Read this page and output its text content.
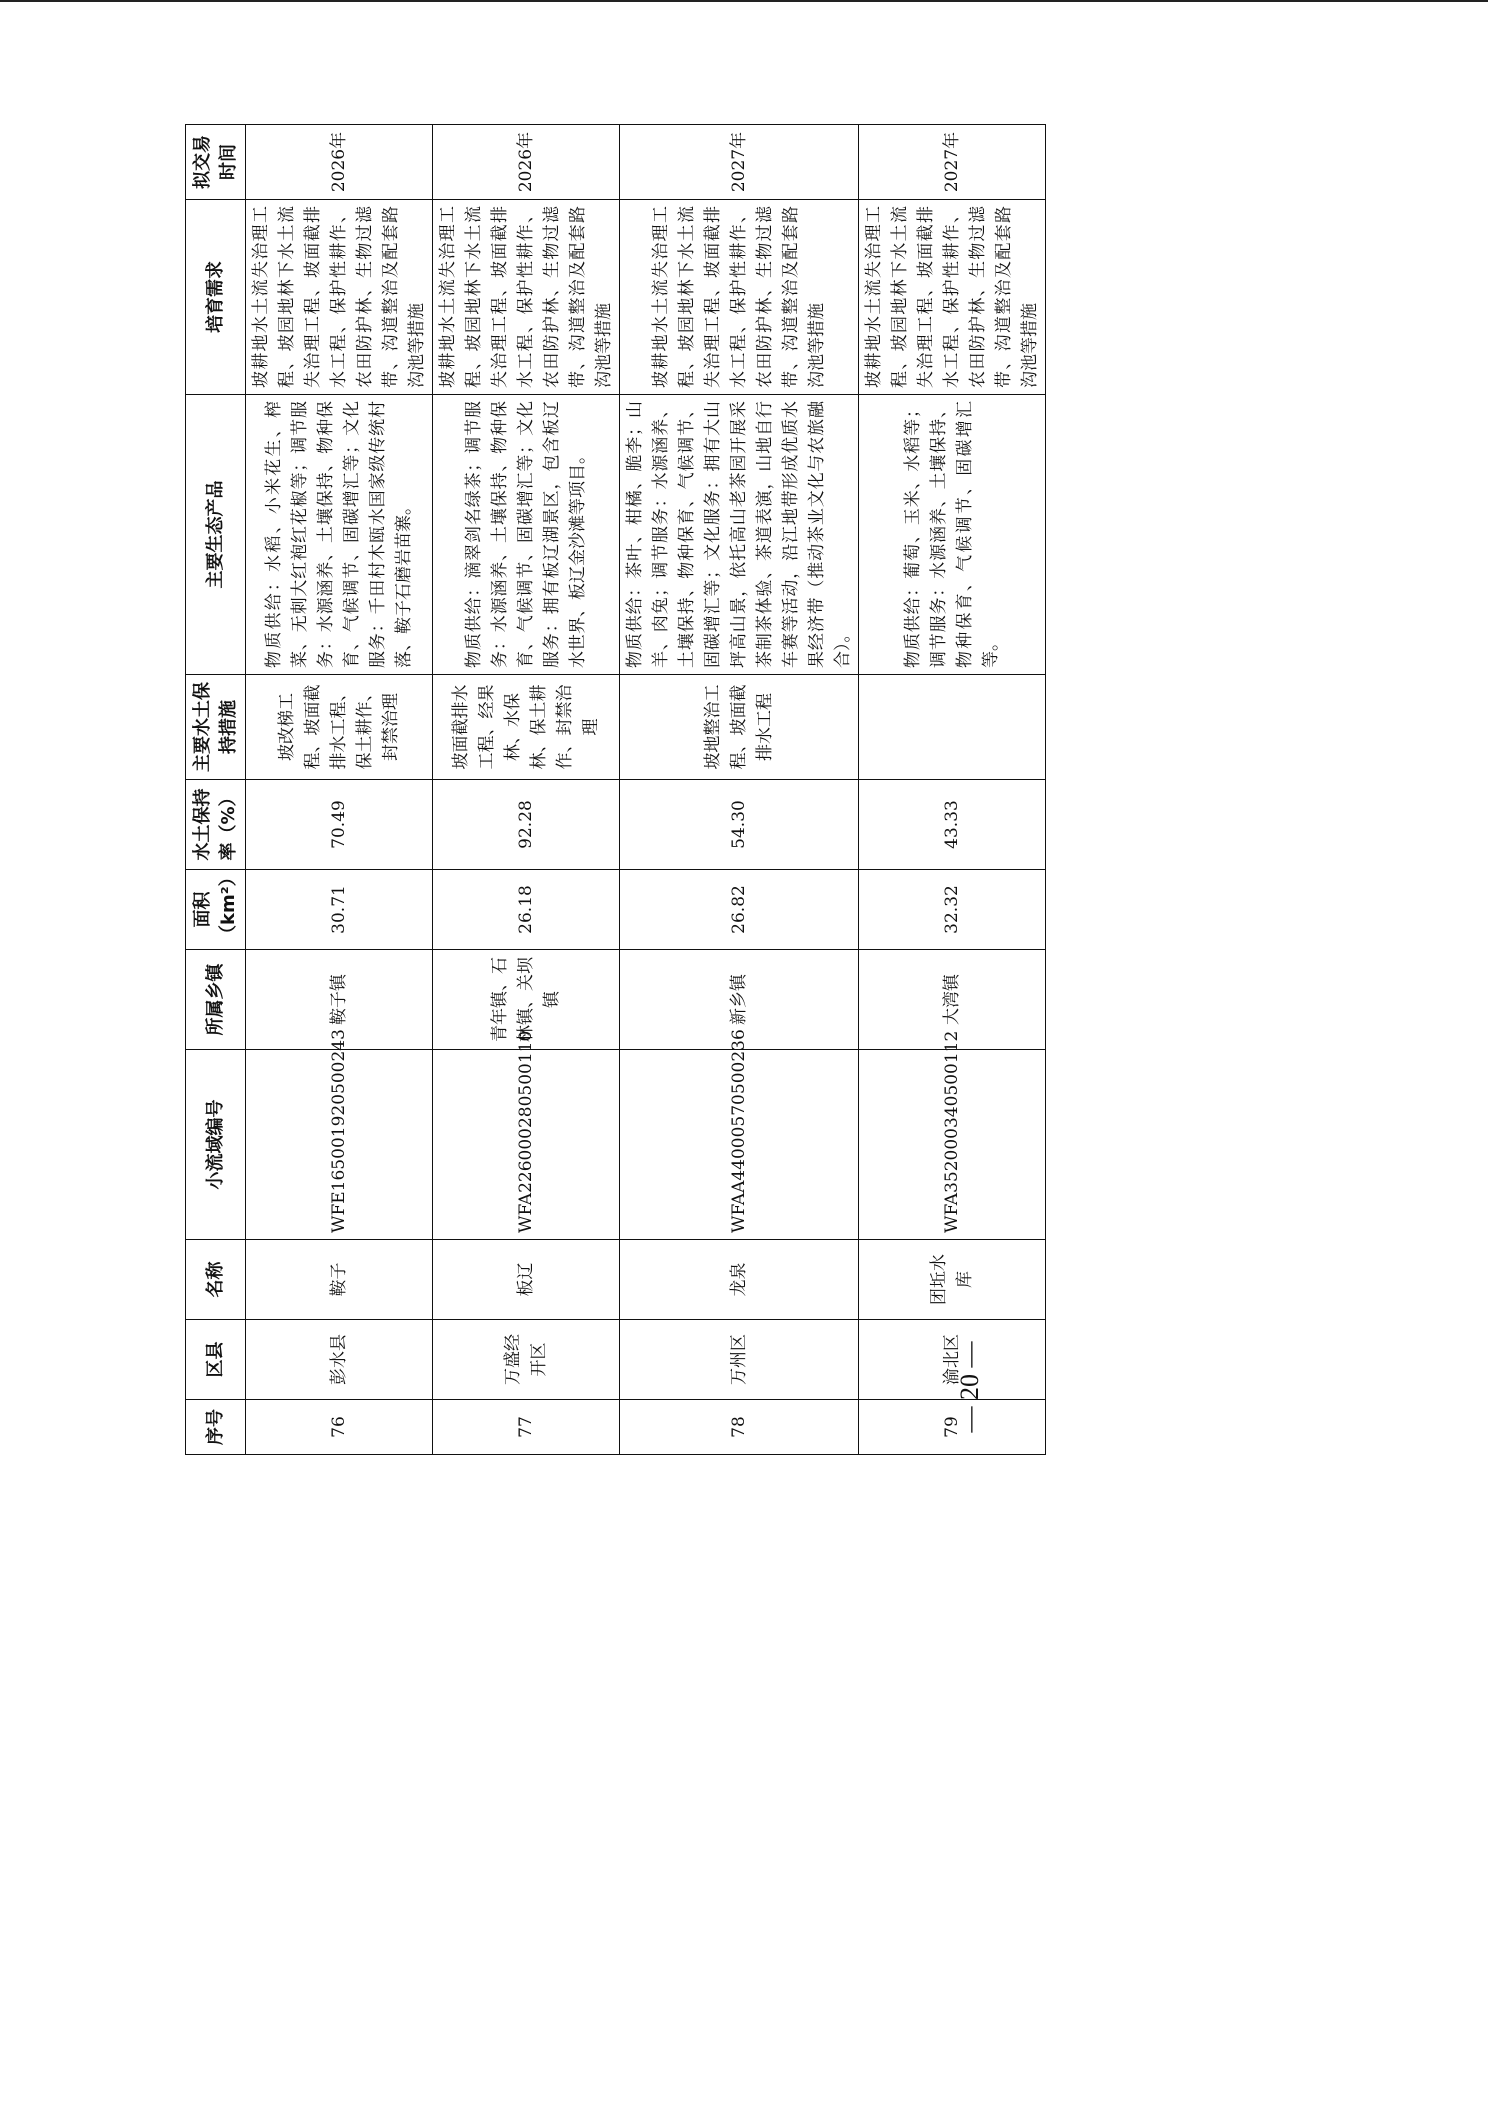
序号	区县	名称	小流域编号	所属乡镇	面积（km²）	水土保持率（%）	主要水土保持措施	主要生态产品	培育需求	拟交易时间
76	彭水县	鞍子	WFE165001920500243	鞍子镇	30.71	70.49	坡改梯工程、坡面截排水工程、保土耕作、封禁治理	物质供给：水稻、小米花生、榨菜、无刺大红袍红花椒等；调节服务：水源涵养、土壤保持、物种保育、气候调节、固碳增汇等；文化服务：千田村木瓯水国家级传统村落、鞍子石磨岩苗寨。	坡耕地水土流失治理工程、坡园地林下水土流失治理工程、坡面截排水工程、保护性耕作、农田防护林、生物过滤带、沟道整治及配套路沟池等措施	2026年
77	万盛经开区	板辽	WFA226000280500110	青年镇、石林镇、关坝镇	26.18	92.28	坡面截排水工程、经果林、水保林、保土耕作、封禁治理	物质供给：滴翠剑名绿茶；调节服务：水源涵养、土壤保持、物种保育、气候调节、固碳增汇等；文化服务：拥有板辽湖景区，包含板辽水世界、板辽金沙滩等项目。	坡耕地水土流失治理工程、坡园地林下水土流失治理工程、坡面截排水工程、保护性耕作、农田防护林、生物过滤带、沟道整治及配套路沟池等措施	2026年
78	万州区	龙泉	WFAA44000570500236	新乡镇	26.82	54.30	坡地整治工程、坡面截排水工程	物质供给：茶叶、柑橘、脆李；山羊、肉兔；调节服务：水源涵养、土壤保持、物种保育、气候调节、固碳增汇等；文化服务：拥有大山坪高山景，依托高山老茶园开展采茶制茶体验、茶道表演，山地自行车赛等活动，沿江地带形成优质水果经济带（推动茶业文化与农旅融合）。	坡耕地水土流失治理工程、坡园地林下水土流失治理工程、坡面截排水工程、保护性耕作、农田防护林、生物过滤带、沟道整治及配套路沟池等措施	2027年
79	渝北区	团坵水库	WFA352000340500112	大湾镇	32.32	43.33		物质供给：葡萄、玉米、水稻等；调节服务：水源涵养、土壤保持、物种保育、气候调节、固碳增汇等。	坡耕地水土流失治理工程、坡园地林下水土流失治理工程、坡面截排水工程、保护性耕作、农田防护林、生物过滤带、沟道整治及配套路沟池等措施	2027年
— 20 —
